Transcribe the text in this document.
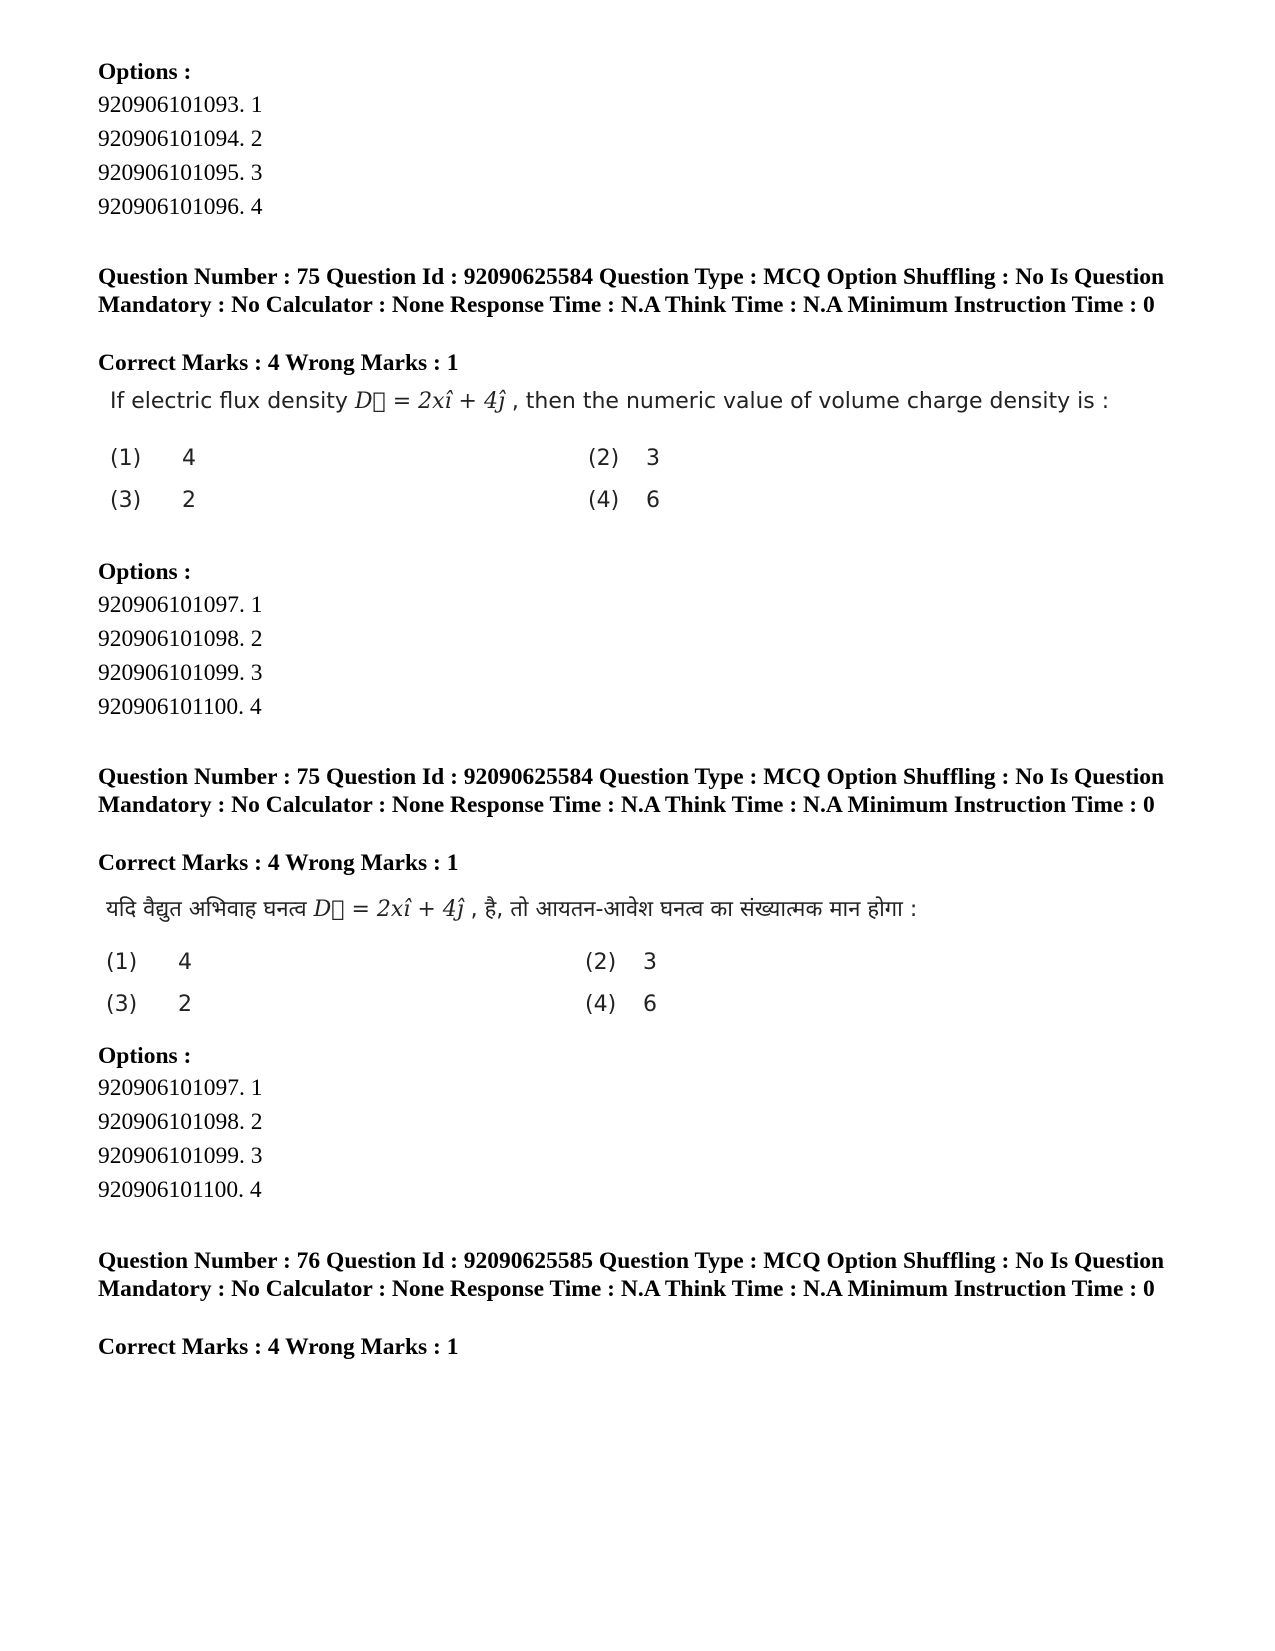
Options :
920906101093. 1
920906101094. 2
920906101095. 3
920906101096. 4
Question Number : 75 Question Id : 92090625584 Question Type : MCQ Option Shuffling : No Is Question Mandatory : No Calculator : None Response Time : N.A Think Time : N.A Minimum Instruction Time : 0
Correct Marks : 4 Wrong Marks : 1
If electric flux density D⃗ = 2xî + 4ĵ , then the numeric value of volume charge density is :
(1) 4	(2) 3
(3) 2	(4) 6
Options :
920906101097. 1
920906101098. 2
920906101099. 3
920906101100. 4
Question Number : 75 Question Id : 92090625584 Question Type : MCQ Option Shuffling : No Is Question Mandatory : No Calculator : None Response Time : N.A Think Time : N.A Minimum Instruction Time : 0
Correct Marks : 4 Wrong Marks : 1
यदि वैद्युत अभिवाह घनत्व D⃗ = 2xî + 4ĵ , है, तो आयतन-आवेश घनत्व का संख्यात्मक मान होगा :
(1) 4	(2) 3
(3) 2	(4) 6
Options :
920906101097. 1
920906101098. 2
920906101099. 3
920906101100. 4
Question Number : 76 Question Id : 92090625585 Question Type : MCQ Option Shuffling : No Is Question Mandatory : No Calculator : None Response Time : N.A Think Time : N.A Minimum Instruction Time : 0
Correct Marks : 4 Wrong Marks : 1
